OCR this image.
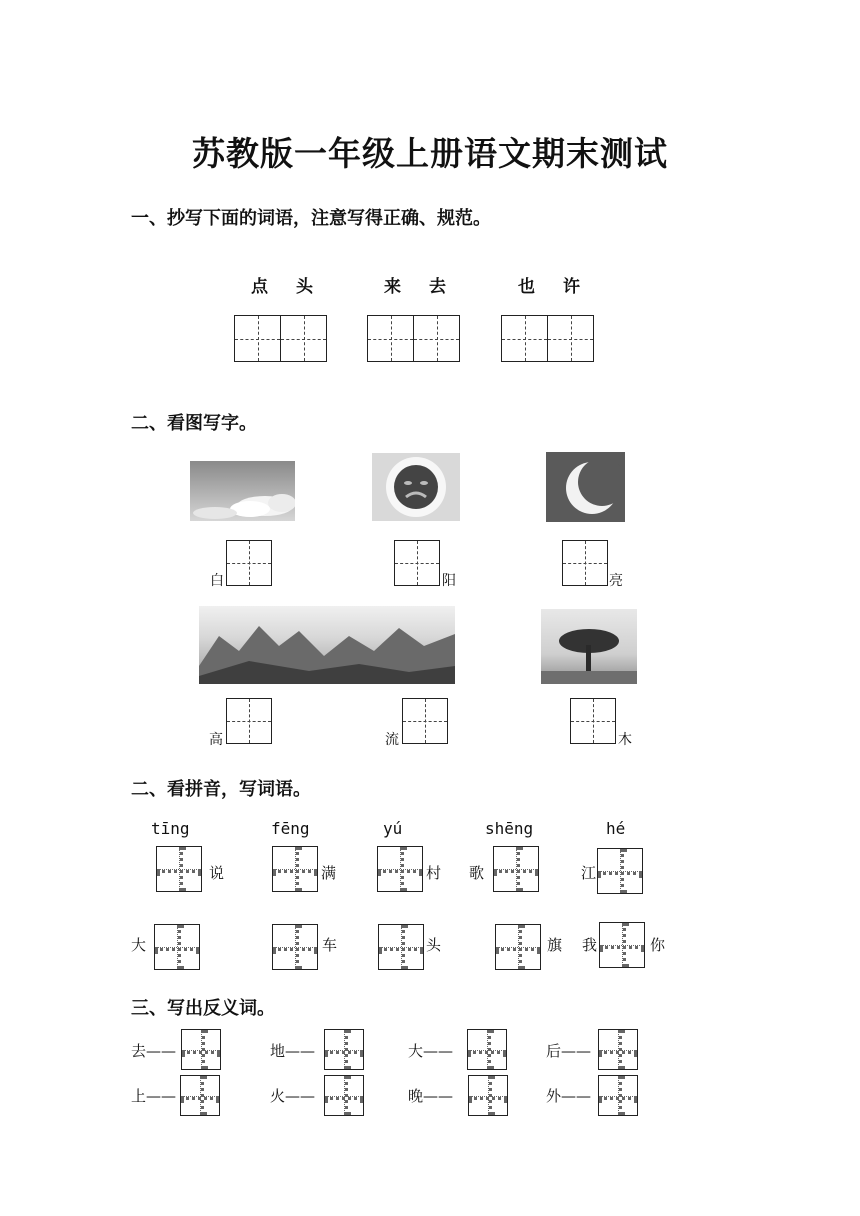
苏教版一年级上册语文期末测试
一、抄写下面的词语，注意写得正确、规范。
点 头	来 去	也 许
二、看图写字。
白	阳	亮
高	流	木
二、看拼音，写词语。
tīng	fēng	yú	shēng	hé
说	满	村 歌	江
大	车	头	旗 我	你
三、写出反义词。
去——	地——	大——	后——
上——	火——	晚——	外——
